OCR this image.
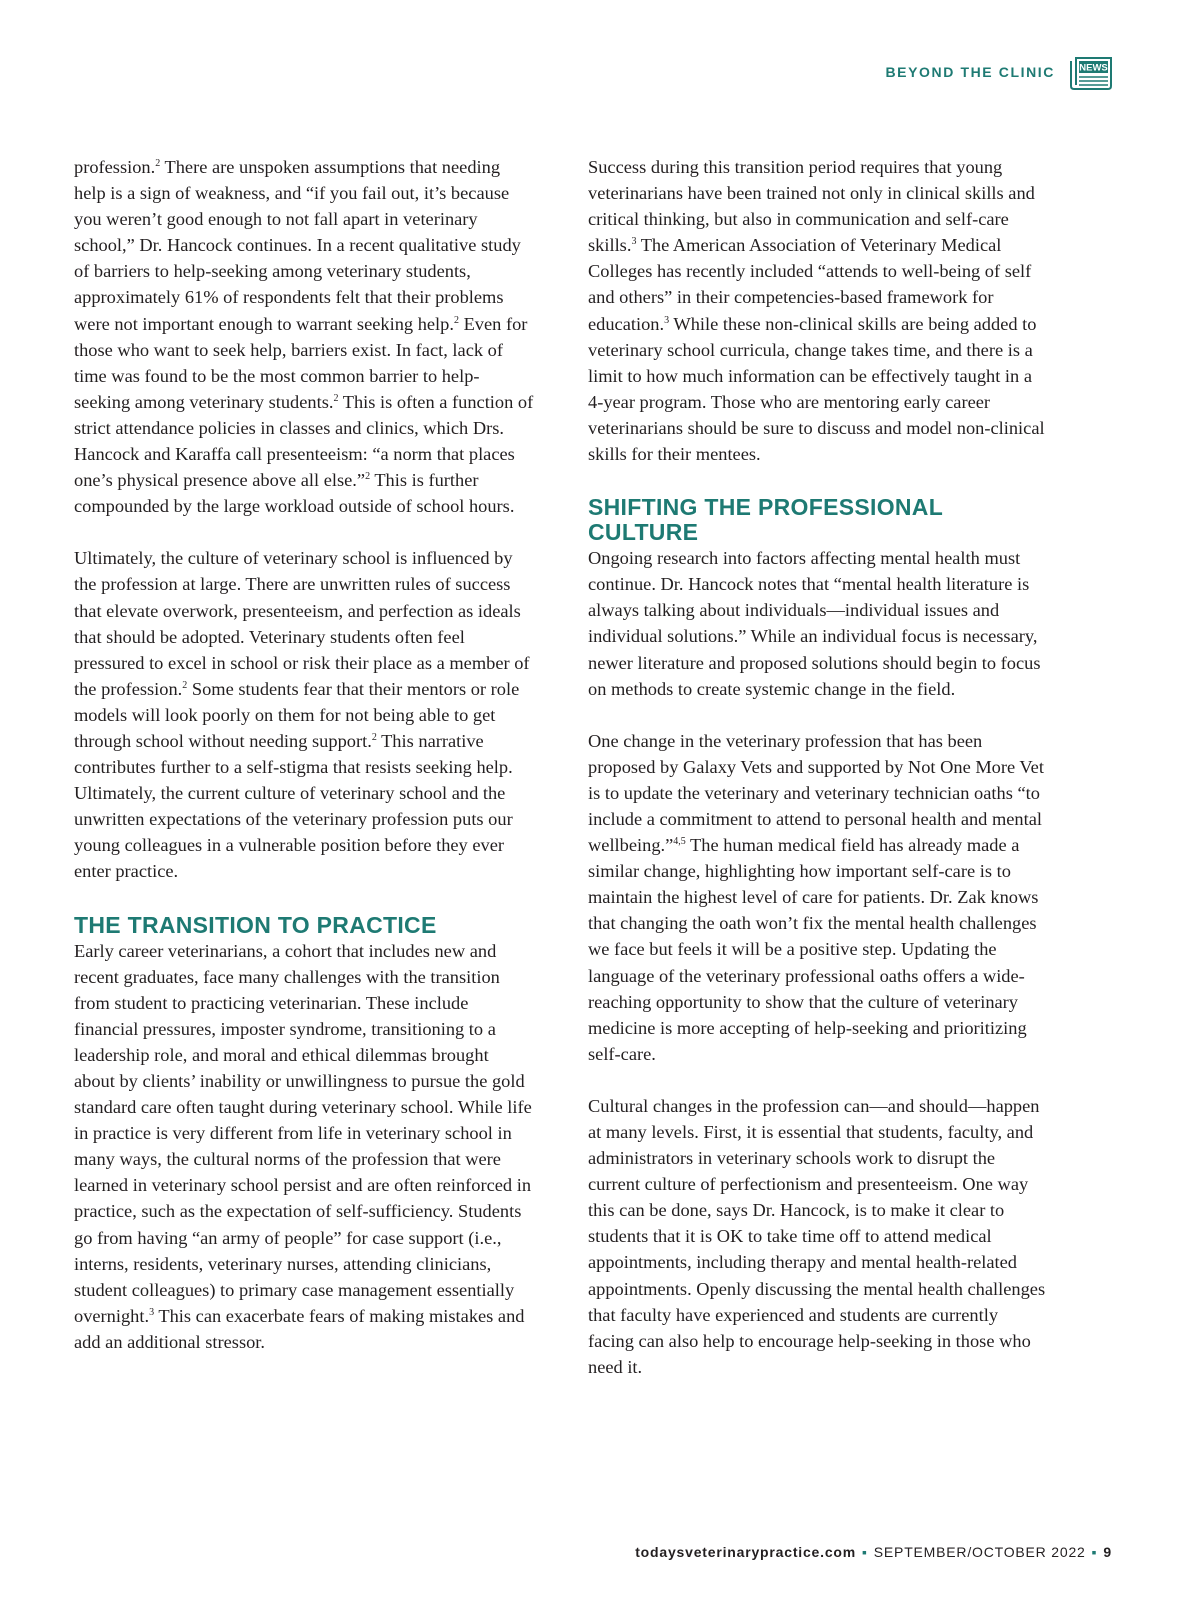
BEYOND THE CLINIC	NEWS

profession.$^2$ There are unspoken assumptions that needing help is a sign of weakness, and “if you fail out, it’s because you weren’t good enough to not fall apart in veterinary school,” Dr. Hancock continues. In a recent qualitative study of barriers to help-seeking among veterinary students, approximately 61% of respondents felt that their problems were not important enough to warrant seeking help.$^2$ Even for those who want to seek help, barriers exist. In fact, lack of time was found to be the most common barrier to help-seeking among veterinary students.$^2$ This is often a function of strict attendance policies in classes and clinics, which Drs. Hancock and Karaffa call presenteeism: “a norm that places one’s physical presence above all else.”$^2$ This is further compounded by the large workload outside of school hours.

Ultimately, the culture of veterinary school is influenced by the profession at large. There are unwritten rules of success that elevate overwork, presenteeism, and perfection as ideals that should be adopted. Veterinary students often feel pressured to excel in school or risk their place as a member of the profession.$^2$ Some students fear that their mentors or role models will look poorly on them for not being able to get through school without needing support.$^2$ This narrative contributes further to a self-stigma that resists seeking help. Ultimately, the current culture of veterinary school and the unwritten expectations of the veterinary profession puts our young colleagues in a vulnerable position before they ever enter practice.

THE TRANSITION TO PRACTICE

Early career veterinarians, a cohort that includes new and recent graduates, face many challenges with the transition from student to practicing veterinarian. These include financial pressures, imposter syndrome, transitioning to a leadership role, and moral and ethical dilemmas brought about by clients’ inability or unwillingness to pursue the gold standard care often taught during veterinary school. While life in practice is very different from life in veterinary school in many ways, the cultural norms of the profession that were learned in veterinary school persist and are often reinforced in practice, such as the expectation of self-sufficiency. Students go from having “an army of people” for case support (i.e., interns, residents, veterinary nurses, attending clinicians, student colleagues) to primary case management essentially overnight.$^3$ This can exacerbate fears of making mistakes and add an additional stressor.

Success during this transition period requires that young veterinarians have been trained not only in clinical skills and critical thinking, but also in communication and self-care skills.$^3$ The American Association of Veterinary Medical Colleges has recently included “attends to well-being of self and others” in their competencies-based framework for education.$^3$ While these non-clinical skills are being added to veterinary school curricula, change takes time, and there is a limit to how much information can be effectively taught in a 4-year program. Those who are mentoring early career veterinarians should be sure to discuss and model non-clinical skills for their mentees.

SHIFTING THE PROFESSIONAL CULTURE

Ongoing research into factors affecting mental health must continue. Dr. Hancock notes that “mental health literature is always talking about individuals—individual issues and individual solutions.” While an individual focus is necessary, newer literature and proposed solutions should begin to focus on methods to create systemic change in the field.

One change in the veterinary profession that has been proposed by Galaxy Vets and supported by Not One More Vet is to update the veterinary and veterinary technician oaths “to include a commitment to attend to personal health and mental wellbeing.”$^{4,5}$ The human medical field has already made a similar change, highlighting how important self-care is to maintain the highest level of care for patients. Dr. Zak knows that changing the oath won’t fix the mental health challenges we face but feels it will be a positive step. Updating the language of the veterinary professional oaths offers a wide-reaching opportunity to show that the culture of veterinary medicine is more accepting of help-seeking and prioritizing self-care.

Cultural changes in the profession can—and should—happen at many levels. First, it is essential that students, faculty, and administrators in veterinary schools work to disrupt the current culture of perfectionism and presenteeism. One way this can be done, says Dr. Hancock, is to make it clear to students that it is OK to take time off to attend medical appointments, including therapy and mental health-related appointments. Openly discussing the mental health challenges that faculty have experienced and students are currently facing can also help to encourage help-seeking in those who need it.

todaysveterinarypractice.com ▪ SEPTEMBER/OCTOBER 2022 ▪ 9
